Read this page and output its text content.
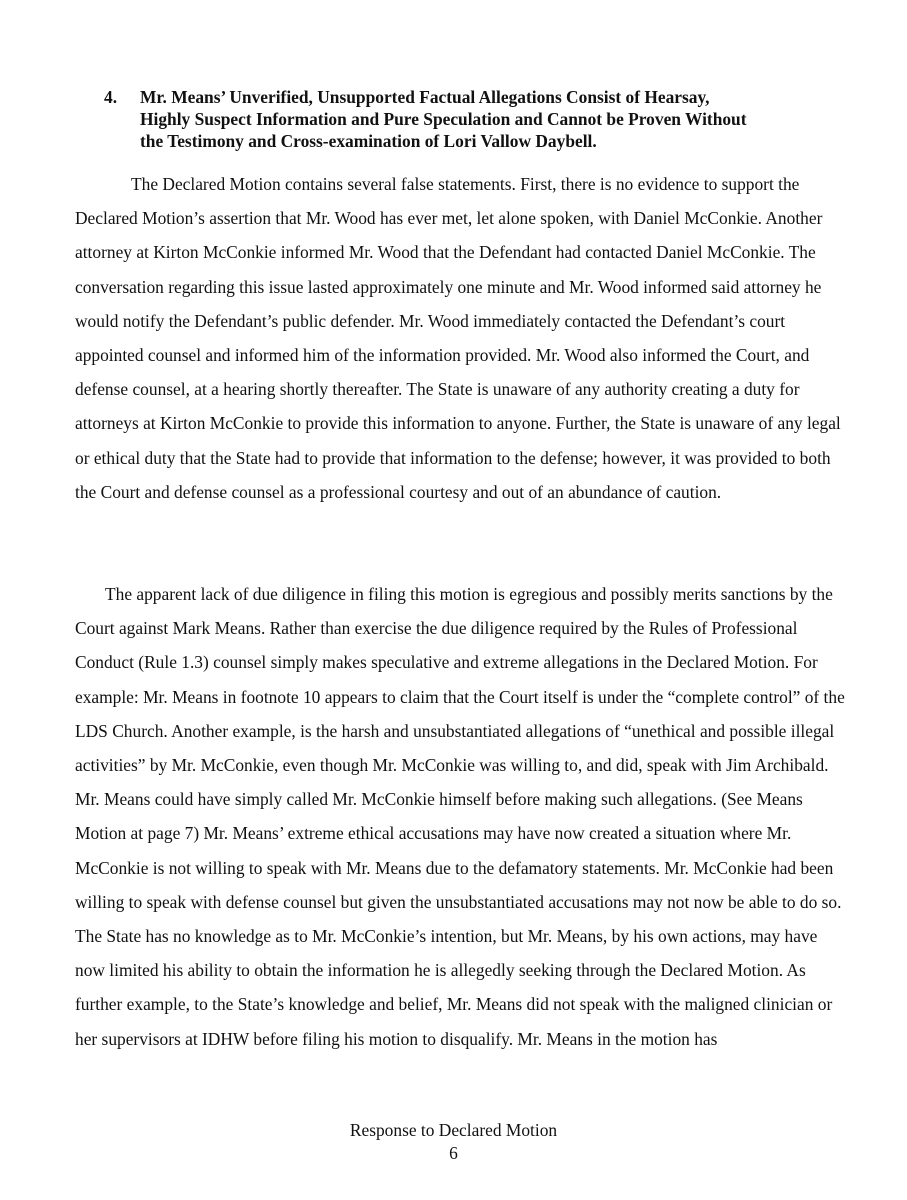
4. Mr. Means’ Unverified, Unsupported Factual Allegations Consist of Hearsay,
Highly Suspect Information and Pure Speculation and Cannot be Proven Without
the Testimony and Cross-examination of Lori Vallow Daybell.
The Declared Motion contains several false statements. First, there is no evidence to support the Declared Motion’s assertion that Mr. Wood has ever met, let alone spoken, with Daniel McConkie. Another attorney at Kirton McConkie informed Mr. Wood that the Defendant had contacted Daniel McConkie. The conversation regarding this issue lasted approximately one minute and Mr. Wood informed said attorney he would notify the Defendant’s public defender. Mr. Wood immediately contacted the Defendant’s court appointed counsel and informed him of the information provided. Mr. Wood also informed the Court, and defense counsel, at a hearing shortly thereafter. The State is unaware of any authority creating a duty for attorneys at Kirton McConkie to provide this information to anyone. Further, the State is unaware of any legal or ethical duty that the State had to provide that information to the defense; however, it was provided to both the Court and defense counsel as a professional courtesy and out of an abundance of caution.
The apparent lack of due diligence in filing this motion is egregious and possibly merits sanctions by the Court against Mark Means. Rather than exercise the due diligence required by the Rules of Professional Conduct (Rule 1.3) counsel simply makes speculative and extreme allegations in the Declared Motion. For example: Mr. Means in footnote 10 appears to claim that the Court itself is under the “complete control” of the LDS Church. Another example, is the harsh and unsubstantiated allegations of “unethical and possible illegal activities” by Mr. McConkie, even though Mr. McConkie was willing to, and did, speak with Jim Archibald. Mr. Means could have simply called Mr. McConkie himself before making such allegations. (See Means Motion at page 7) Mr. Means’ extreme ethical accusations may have now created a situation where Mr. McConkie is not willing to speak with Mr. Means due to the defamatory statements. Mr. McConkie had been willing to speak with defense counsel but given the unsubstantiated accusations may not now be able to do so. The State has no knowledge as to Mr. McConkie’s intention, but Mr. Means, by his own actions, may have now limited his ability to obtain the information he is allegedly seeking through the Declared Motion. As further example, to the State’s knowledge and belief, Mr. Means did not speak with the maligned clinician or her supervisors at IDHW before filing his motion to disqualify. Mr. Means in the motion has
Response to Declared Motion
6
